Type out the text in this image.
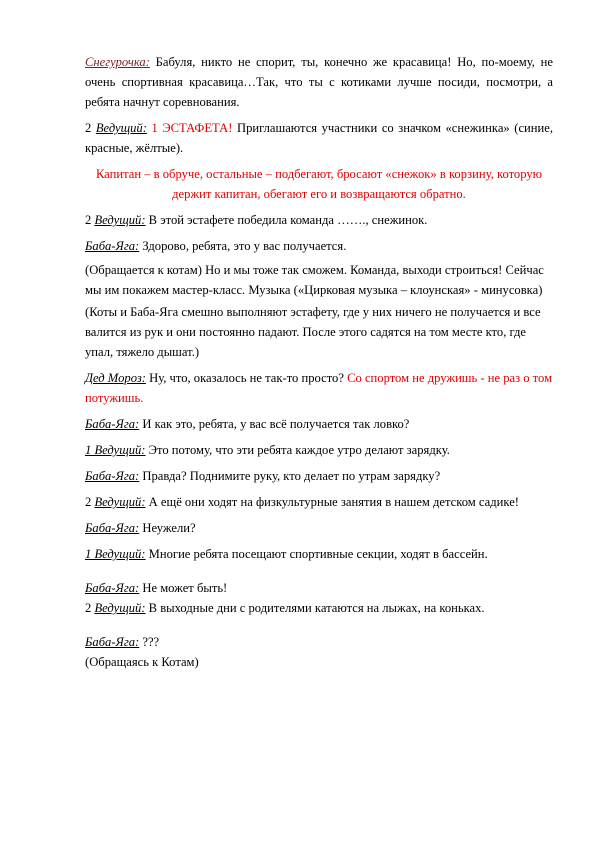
Снегурочка: Бабуля, никто не спорит, ты, конечно же красавица! Но, по-моему, не очень спортивная красавица…Так, что ты с котиками лучше посиди, посмотри, а ребята начнут соревнования.

2 Ведущий: 1 ЭСТАФЕТА! Приглашаются участники со значком «снежинка» (синие, красные, жёлтые).

Капитан – в обруче, остальные – подбегают, бросают «снежок» в корзину, которую держит капитан, обегают его и возвращаются обратно.

2 Ведущий: В этой эстафете победила команда ……., снежинок.

Баба-Яга: Здорово, ребята, это у вас получается.

(Обращается к котам) Но и мы тоже так сможем. Команда, выходи строиться! Сейчас мы им покажем мастер-класс. Музыка («Цирковая музыка – клоунская» - минусовка)

(Коты и Баба-Яга смешно выполняют эстафету, где у них ничего не получается и все валится из рук и они постоянно падают. После этого садятся на том месте кто, где упал, тяжело дышат.)

Дед Мороз: Ну, что, оказалось не так-то просто? Со спортом не дружишь - не раз о том потужишь.

Баба-Яга: И как это, ребята, у вас всё получается так ловко?

1 Ведущий: Это потому, что эти ребята каждое утро делают зарядку.

Баба-Яга: Правда? Поднимите руку, кто делает по утрам зарядку?

2 Ведущий: А ещё они ходят на физкультурные занятия в нашем детском садике!

Баба-Яга: Неужели?

1 Ведущий: Многие ребята посещают спортивные секции, ходят в бассейн.

Баба-Яга: Не может быть!

2 Ведущий: В выходные дни с родителями катаются на лыжах, на коньках.

Баба-Яга: ???

(Обращаясь к Котам)
